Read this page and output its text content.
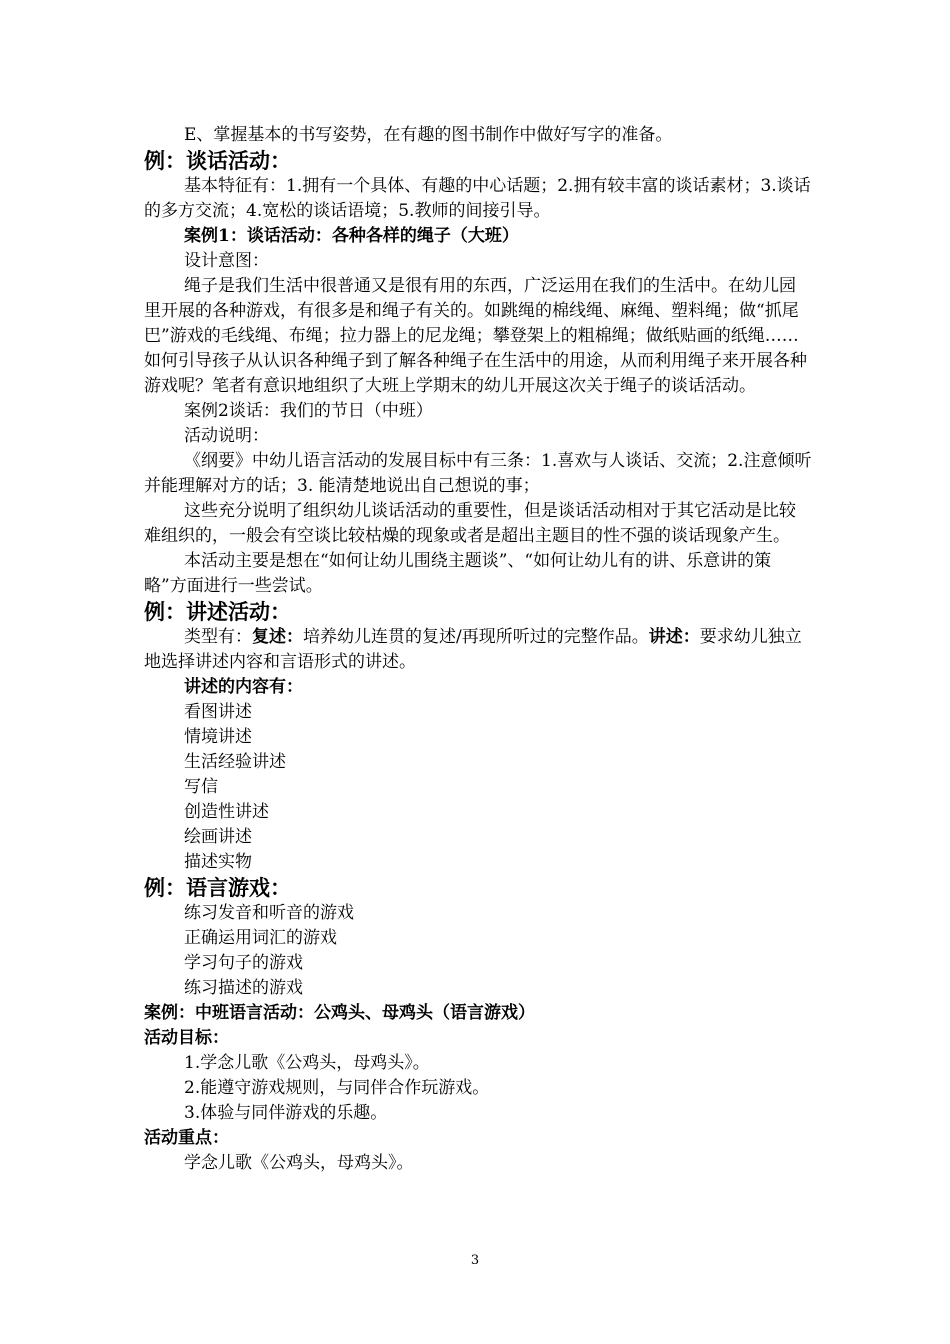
E、掌握基本的书写姿势，在有趣的图书制作中做好写字的准备。

例：谈话活动：

基本特征有：1.拥有一个具体、有趣的中心话题；2.拥有较丰富的谈话素材；3.谈话的多方交流；4.宽松的谈话语境；5.教师的间接引导。

案例1：谈话活动：各种各样的绳子（大班）

设计意图：

绳子是我们生活中很普通又是很有用的东西，广泛运用在我们的生活中。在幼儿园里开展的各种游戏，有很多是和绳子有关的。如跳绳的棉线绳、麻绳、塑料绳；做“抓尾巴”游戏的毛线绳、布绳；拉力器上的尼龙绳；攀登架上的粗棉绳；做纸贴画的纸绳……如何引导孩子从认识各种绳子到了解各种绳子在生活中的用途，从而利用绳子来开展各种游戏呢？笔者有意识地组织了大班上学期末的幼儿开展这次关于绳子的谈话活动。

案例2谈话：我们的节日（中班）

活动说明：

《纲要》中幼儿语言活动的发展目标中有三条：1.喜欢与人谈话、交流；2.注意倾听并能理解对方的话；3. 能清楚地说出自己想说的事；

这些充分说明了组织幼儿谈话活动的重要性，但是谈话活动相对于其它活动是比较难组织的，一般会有空谈比较枯燥的现象或者是超出主题目的性不强的谈话现象产生。

本活动主要是想在“如何让幼儿围绕主题谈”、“如何让幼儿有的讲、乐意讲的策略”方面进行一些尝试。

例：讲述活动：

类型有：复述：培养幼儿连贯的复述/再现所听过的完整作品。讲述：要求幼儿独立地选择讲述内容和言语形式的讲述。

讲述的内容有：

看图讲述

情境讲述

生活经验讲述

写信

创造性讲述

绘画讲述

描述实物

例：语言游戏：

练习发音和听音的游戏

正确运用词汇的游戏

学习句子的游戏

练习描述的游戏

案例：中班语言活动：公鸡头、母鸡头（语言游戏）

活动目标：

1.学念儿歌《公鸡头，母鸡头》。

2.能遵守游戏规则，与同伴合作玩游戏。

3.体验与同伴游戏的乐趣。

活动重点：

学念儿歌《公鸡头，母鸡头》。

3
